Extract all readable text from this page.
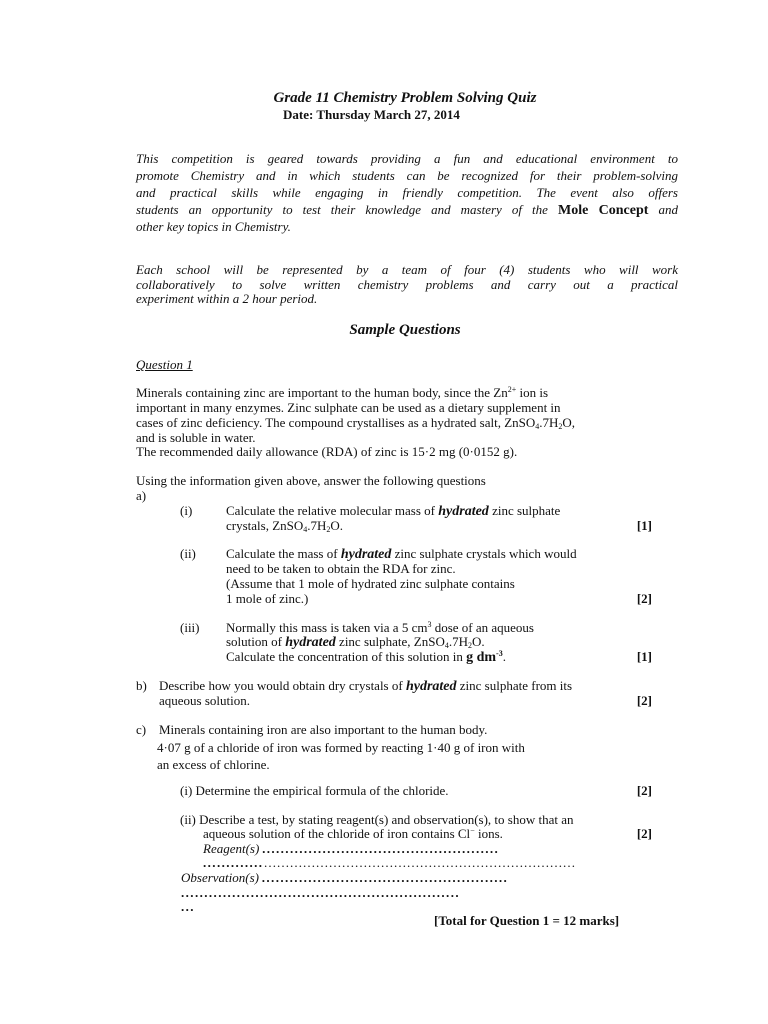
Grade 11 Chemistry Problem Solving Quiz
Date: Thursday March 27, 2014
This competition is geared towards providing a fun and educational environment to
promote Chemistry and in which students can be recognized for their problem-solving
and practical skills while engaging in friendly competition. The event also offers
students an opportunity to test their knowledge and mastery of the Mole Concept and
other key topics in Chemistry.
Each school will be represented by a team of four (4) students who will work
collaboratively to solve written chemistry problems and carry out a practical
experiment within a 2 hour period.
Sample Questions
Question 1
Minerals containing zinc are important to the human body, since the $Zn^{2+}$ ion is
important in many enzymes. Zinc sulphate can be used as a dietary supplement in
cases of zinc deficiency. The compound crystallises as a hydrated salt, $ZnSO_4.7H_2O$,
and is soluble in water.
The recommended daily allowance (RDA) of zinc is 15·2 mg (0·0152 g).
Using the information given above, answer the following questions
a)
(i)	Calculate the relative molecular mass of hydrated zinc sulphate
crystals, $ZnSO_4.7H_2O$.	[1]
(ii) Calculate the mass of hydrated zinc sulphate crystals which would
need to be taken to obtain the RDA for zinc.
(Assume that 1 mole of hydrated zinc sulphate contains
1 mole of zinc.)	[2]
(iii) Normally this mass is taken via a 5 $cm^3$ dose of an aqueous
solution of hydrated zinc sulphate, $ZnSO_4.7H_2O$.
Calculate the concentration of this solution in g $dm^{-3}$.	[1]
b) Describe how you would obtain dry crystals of hydrated zinc sulphate from its
aqueous solution.	[2]
c) Minerals containing iron are also important to the human body.
4·07 g of a chloride of iron was formed by reacting 1·40 g of iron with
an excess of chlorine.
(i) Determine the empirical formula of the chloride.	[2]
(ii) Describe a test, by stating reagent(s) and observation(s), to show that an
aqueous solution of the chloride of iron contains Cl− ions.	[2]
Reagent(s) ...................................................
.............………………………………………………………………
Observation(s) .....................................................
............................................................
...
[Total for Question 1 = 12 marks]
